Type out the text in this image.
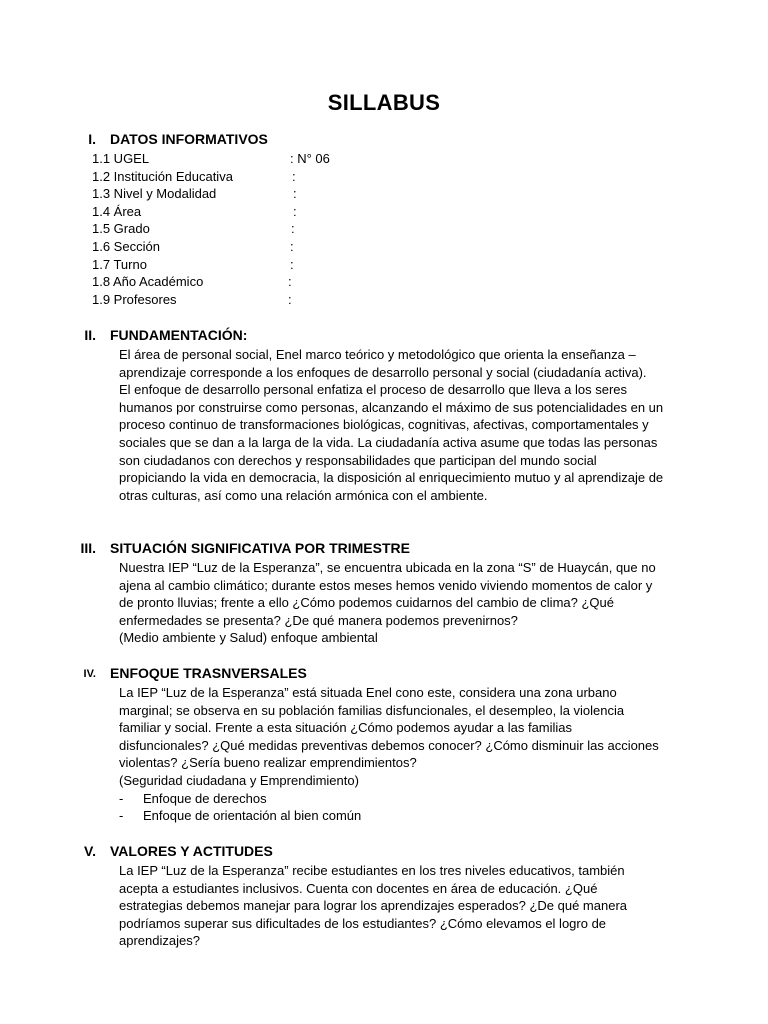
SILLABUS
I. DATOS INFORMATIVOS
1.1 UGEL	: N° 06
1.2 Institución Educativa	:
1.3 Nivel y Modalidad	:
1.4 Área	:
1.5 Grado	:
1.6 Sección	:
1.7 Turno	:
1.8 Año Académico	:
1.9 Profesores	:
II. FUNDAMENTACIÓN:

El área de personal social, Enel marco teórico y metodológico que orienta la enseñanza – aprendizaje corresponde a los enfoques de desarrollo personal y social (ciudadanía activa).

El enfoque de desarrollo personal enfatiza el proceso de desarrollo que lleva a los seres humanos por construirse como personas, alcanzando el máximo de sus potencialidades en un proceso continuo de transformaciones biológicas, cognitivas, afectivas, comportamentales y sociales que se dan a la larga de la vida. La ciudadanía activa asume que todas las personas son ciudadanos con derechos y responsabilidades que participan del mundo social propiciando la vida en democracia, la disposición al enriquecimiento mutuo y al aprendizaje de otras culturas, así como una relación armónica con el ambiente.

III. SITUACIÓN SIGNIFICATIVA POR TRIMESTRE

Nuestra IEP “Luz de la Esperanza”, se encuentra ubicada en la zona “S” de Huaycán, que no ajena al cambio climático; durante estos meses hemos venido viviendo momentos de calor y de pronto lluvias; frente a ello ¿Cómo podemos cuidarnos del cambio de clima? ¿Qué enfermedades se presenta? ¿De qué manera podemos prevenirnos?

(Medio ambiente y Salud) enfoque ambiental

IV. ENFOQUE TRASNVERSALES

La IEP “Luz de la Esperanza” está situada Enel cono este, considera una zona urbano marginal; se observa en su población familias disfuncionales, el desempleo, la violencia familiar y social. Frente a esta situación ¿Cómo podemos ayudar a las familias disfuncionales? ¿Qué medidas preventivas debemos conocer? ¿Cómo disminuir las acciones violentas? ¿Sería bueno realizar emprendimientos?

(Seguridad ciudadana y Emprendimiento)

- Enfoque de derechos

- Enfoque de orientación al bien común

V. VALORES Y ACTITUDES

La IEP “Luz de la Esperanza” recibe estudiantes en los tres niveles educativos, también acepta a estudiantes inclusivos. Cuenta con docentes en área de educación. ¿Qué estrategias debemos manejar para lograr los aprendizajes esperados? ¿De qué manera podríamos superar sus dificultades de los estudiantes? ¿Cómo elevamos el logro de aprendizajes?
